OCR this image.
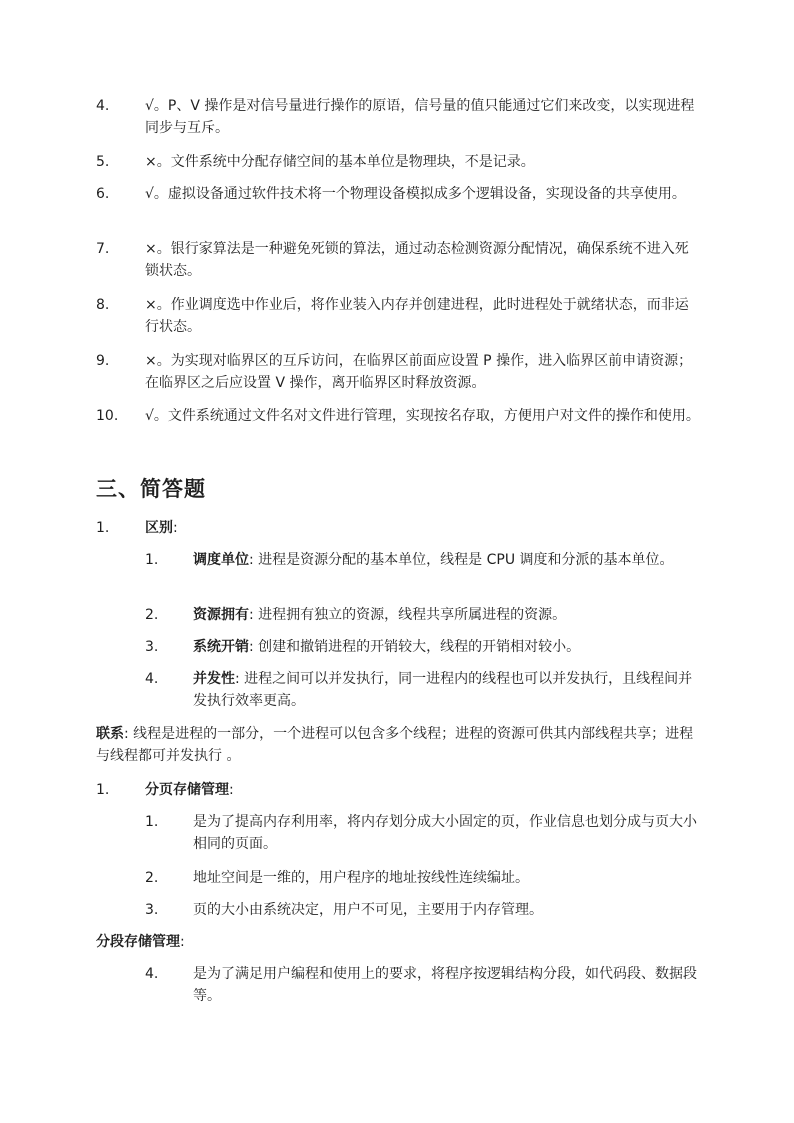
4.	√。P、V 操作是对信号量进行操作的原语，信号量的值只能通过它们来改变，以实现进程同步与互斥。
5.	×。文件系统中分配存储空间的基本单位是物理块，不是记录。
6.	√。虚拟设备通过软件技术将一个物理设备模拟成多个逻辑设备，实现设备的共享使用。
7.	×。银行家算法是一种避免死锁的算法，通过动态检测资源分配情况，确保系统不进入死锁状态。
8.	×。作业调度选中作业后，将作业装入内存并创建进程，此时进程处于就绪状态，而非运行状态。
9.	×。为实现对临界区的互斥访问，在临界区前面应设置 P 操作，进入临界区前申请资源；在临界区之后应设置 V 操作，离开临界区时释放资源。
10.	√。文件系统通过文件名对文件进行管理，实现按名存取，方便用户对文件的操作和使用。
三、简答题
1.	区别:
1.	调度单位: 进程是资源分配的基本单位，线程是 CPU 调度和分派的基本单位。
2.	资源拥有: 进程拥有独立的资源，线程共享所属进程的资源。
3.	系统开销: 创建和撤销进程的开销较大，线程的开销相对较小。
4.	并发性: 进程之间可以并发执行，同一进程内的线程也可以并发执行，且线程间并发执行效率更高。
联系: 线程是进程的一部分，一个进程可以包含多个线程；进程的资源可供其内部线程共享；进程与线程都可并发执行 。
1.	分页存储管理:
1.	是为了提高内存利用率，将内存划分成大小固定的页，作业信息也划分成与页大小相同的页面。
2.	地址空间是一维的，用户程序的地址按线性连续编址。
3.	页的大小由系统决定，用户不可见，主要用于内存管理。
分段存储管理:
4.	是为了满足用户编程和使用上的要求，将程序按逻辑结构分段，如代码段、数据段等。
